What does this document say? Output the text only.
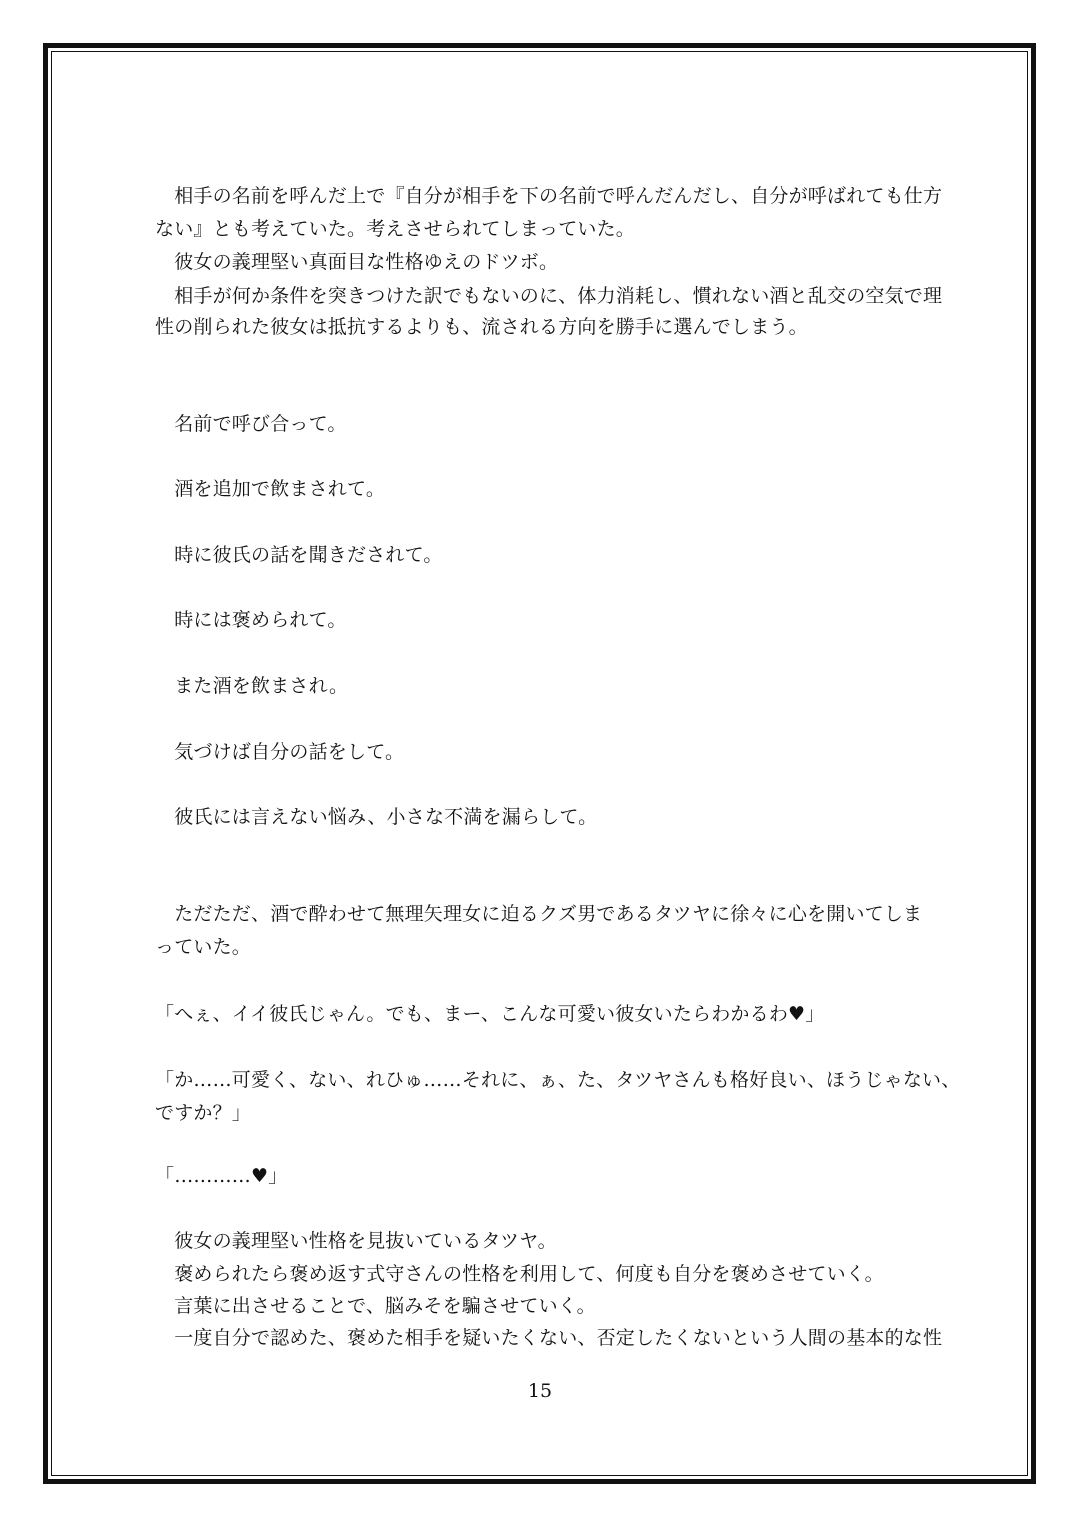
　相手の名前を呼んだ上で『自分が相手を下の名前で呼んだんだし、自分が呼ばれても仕方
ない』とも考えていた。考えさせられてしまっていた。
　彼女の義理堅い真面目な性格ゆえのドツボ。
　相手が何か条件を突きつけた訳でもないのに、体力消耗し、慣れない酒と乱交の空気で理
性の削られた彼女は抵抗するよりも、流される方向を勝手に選んでしまう。
　名前で呼び合って。
　酒を追加で飲まされて。
　時に彼氏の話を聞きだされて。
　時には褒められて。
　また酒を飲まされ。
　気づけば自分の話をして。
　彼氏には言えない悩み、小さな不満を漏らして。
　ただただ、酒で酔わせて無理矢理女に迫るクズ男であるタツヤに徐々に心を開いてしま
っていた。
「へぇ、イイ彼氏じゃん。でも、まー、こんな可愛い彼女いたらわかるわ♥」
「か……可愛く、ない、れひゅ……それに、ぁ、た、タツヤさんも格好良い、ほうじゃない、
ですか？」
「…………♥」
　彼女の義理堅い性格を見抜いているタツヤ。
　褒められたら褒め返す式守さんの性格を利用して、何度も自分を褒めさせていく。
　言葉に出させることで、脳みそを騙させていく。
　一度自分で認めた、褒めた相手を疑いたくない、否定したくないという人間の基本的な性
15
